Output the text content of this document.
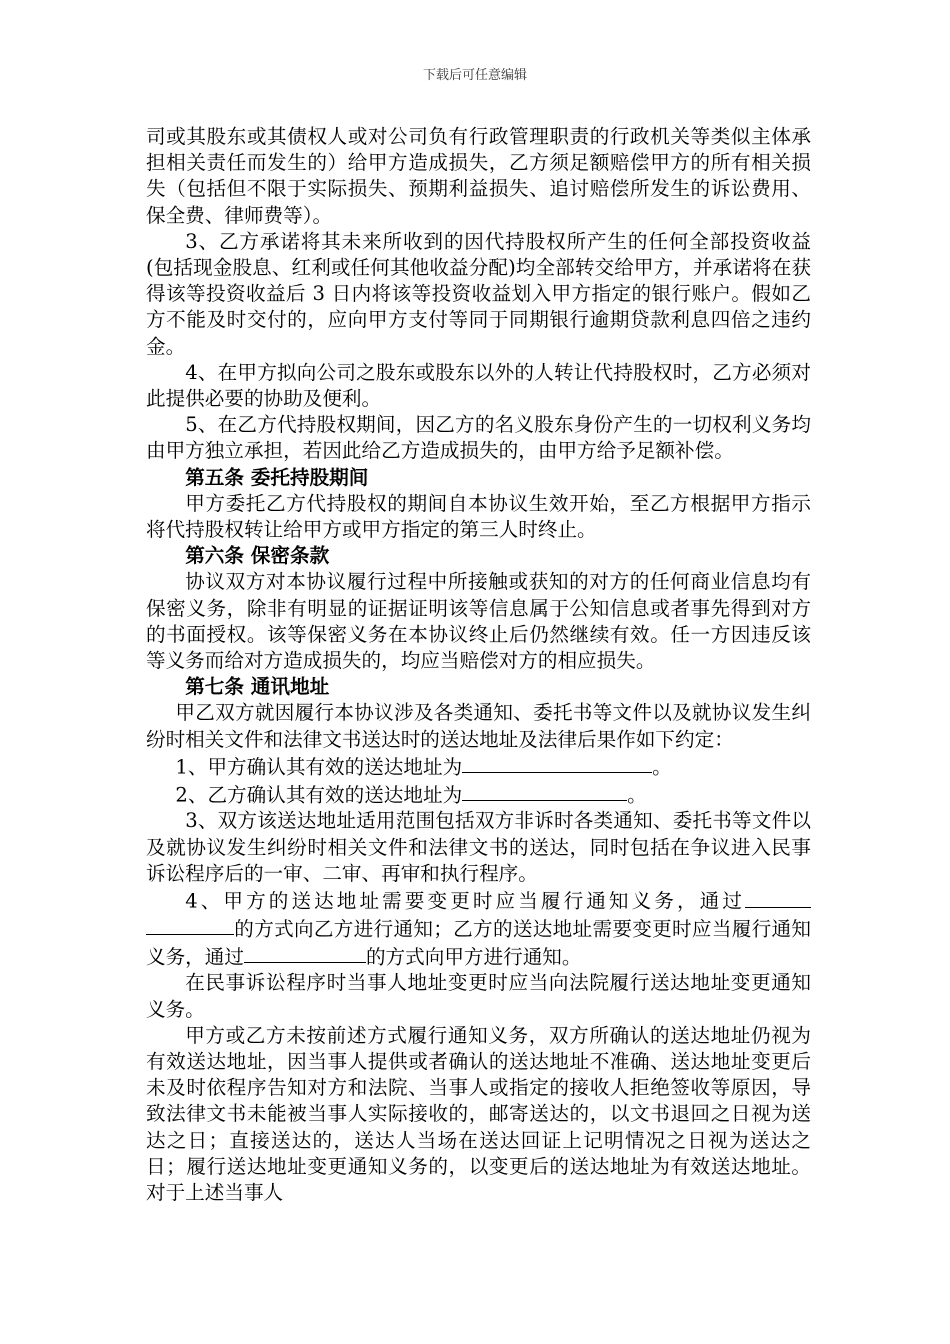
下载后可任意编辑

司或其股东或其债权人或对公司负有行政管理职责的行政机关等类似主体承担相关责任而发生的）给甲方造成损失，乙方须足额赔偿甲方的所有相关损失（包括但不限于实际损失、预期利益损失、追讨赔偿所发生的诉讼费用、保全费、律师费等）。

3、乙方承诺将其未来所收到的因代持股权所产生的任何全部投资收益(包括现金股息、红利或任何其他收益分配)均全部转交给甲方，并承诺将在获得该等投资收益后 3 日内将该等投资收益划入甲方指定的银行账户。假如乙方不能及时交付的，应向甲方支付等同于同期银行逾期贷款利息四倍之违约金。

4、在甲方拟向公司之股东或股东以外的人转让代持股权时，乙方必须对此提供必要的协助及便利。

5、在乙方代持股权期间，因乙方的名义股东身份产生的一切权利义务均由甲方独立承担，若因此给乙方造成损失的，由甲方给予足额补偿。

第五条 委托持股期间

甲方委托乙方代持股权的期间自本协议生效开始，至乙方根据甲方指示将代持股权转让给甲方或甲方指定的第三人时终止。

第六条 保密条款

协议双方对本协议履行过程中所接触或获知的对方的任何商业信息均有保密义务，除非有明显的证据证明该等信息属于公知信息或者事先得到对方的书面授权。该等保密义务在本协议终止后仍然继续有效。任一方因违反该等义务而给对方造成损失的，均应当赔偿对方的相应损失。

第七条 通讯地址

甲乙双方就因履行本协议涉及各类通知、委托书等文件以及就协议发生纠纷时相关文件和法律文书送达时的送达地址及法律后果作如下约定：

1、甲方确认其有效的送达地址为	。

2、乙方确认其有效的送达地址为	。

3、双方该送达地址适用范围包括双方非诉时各类通知、委托书等文件以及就协议发生纠纷时相关文件和法律文书的送达，同时包括在争议进入民事诉讼程序后的一审、二审、再审和执行程序。

4、甲方的送达地址需要变更时应当履行通知义务，通过的方式向乙方进行通知；乙方的送达地址需要变更时应当履行通知义务，通过	的方式向甲方进行通知。

在民事诉讼程序时当事人地址变更时应当向法院履行送达地址变更通知义务。

甲方或乙方未按前述方式履行通知义务，双方所确认的送达地址仍视为有效送达地址，因当事人提供或者确认的送达地址不准确、送达地址变更后未及时依程序告知对方和法院、当事人或指定的接收人拒绝签收等原因，导致法律文书未能被当事人实际接收的，邮寄送达的，以文书退回之日视为送达之日；直接送达的，送达人当场在送达回证上记明情况之日视为送达之日；履行送达地址变更通知义务的，以变更后的送达地址为有效送达地址。对于上述当事人
